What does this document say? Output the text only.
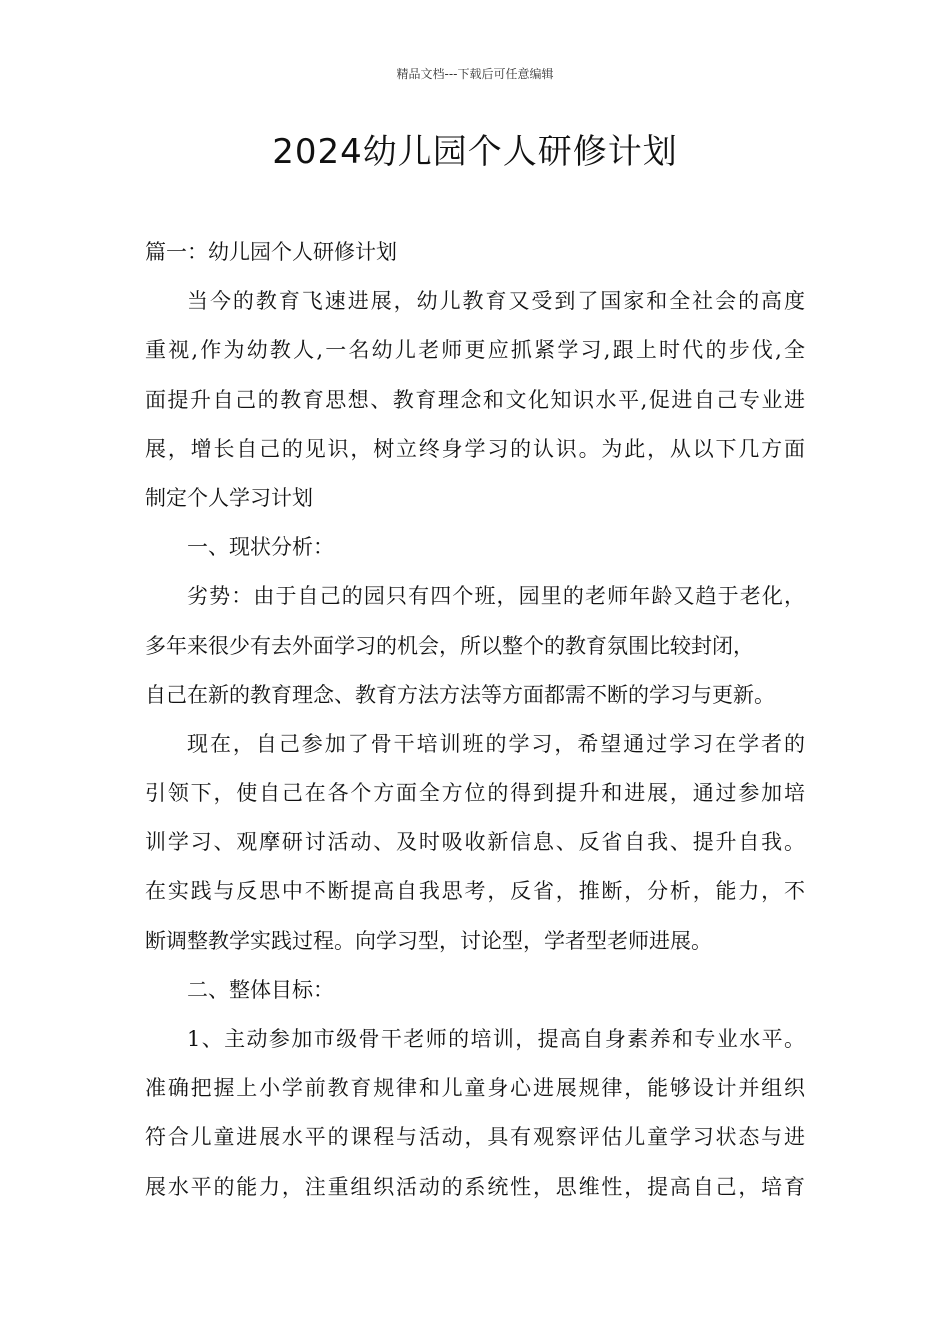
精品文档---下载后可任意编辑
2024幼儿园个人研修计划
篇一：幼儿园个人研修计划
当今的教育飞速进展，幼儿教育又受到了国家和全社会的高度
重视,作为幼教人,一名幼儿老师更应抓紧学习,跟上时代的步伐,全
面提升自己的教育思想、教育理念和文化知识水平,促进自己专业进
展，增长自己的见识，树立终身学习的认识。为此，从以下几方面
制定个人学习计划
一、现状分析：
劣势：由于自己的园只有四个班，园里的老师年龄又趋于老化，
多年来很少有去外面学习的机会，所以整个的教育氛围比较封闭，
自己在新的教育理念、教育方法方法等方面都需不断的学习与更新。
现在，自己参加了骨干培训班的学习，希望通过学习在学者的
引领下，使自己在各个方面全方位的得到提升和进展，通过参加培
训学习、观摩研讨活动、及时吸收新信息、反省自我、提升自我。
在实践与反思中不断提高自我思考，反省，推断，分析，能力，不
断调整教学实践过程。向学习型，讨论型，学者型老师进展。
二、整体目标：
1、主动参加市级骨干老师的培训，提高自身素养和专业水平。
准确把握上小学前教育规律和儿童身心进展规律，能够设计并组织
符合儿童进展水平的课程与活动，具有观察评估儿童学习状态与进
展水平的能力，注重组织活动的系统性，思维性，提高自己，培育
